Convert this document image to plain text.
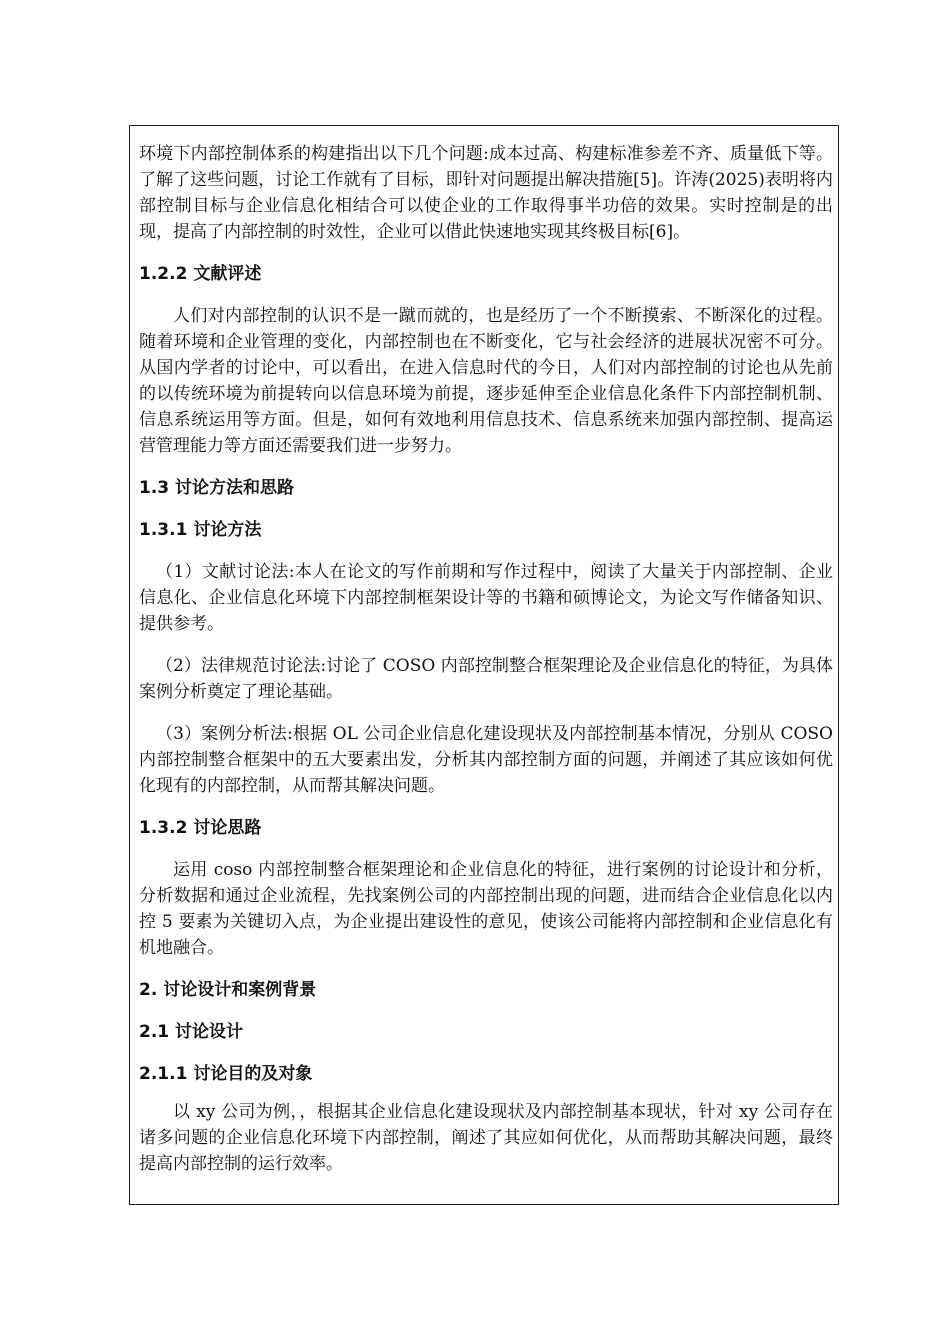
环境下内部控制体系的构建指出以下几个问题:成本过高、构建标准参差不齐、质量低下等。了解了这些问题，讨论工作就有了目标，即针对问题提出解决措施[5]。许涛(2025)表明将内部控制目标与企业信息化相结合可以使企业的工作取得事半功倍的效果。实时控制是的出现，提高了内部控制的时效性，企业可以借此快速地实现其终极目标[6]。

1.2.2 文献评述

人们对内部控制的认识不是一蹴而就的，也是经历了一个不断摸索、不断深化的过程。随着环境和企业管理的变化，内部控制也在不断变化，它与社会经济的进展状况密不可分。从国内学者的讨论中，可以看出，在进入信息时代的今日，人们对内部控制的讨论也从先前的以传统环境为前提转向以信息环境为前提，逐步延伸至企业信息化条件下内部控制机制、信息系统运用等方面。但是，如何有效地利用信息技术、信息系统来加强内部控制、提高运营管理能力等方面还需要我们进一步努力。

1.3 讨论方法和思路
1.3.1 讨论方法

（1）文献讨论法:本人在论文的写作前期和写作过程中，阅读了大量关于内部控制、企业信息化、企业信息化环境下内部控制框架设计等的书籍和硕博论文，为论文写作储备知识、提供参考。

（2）法律规范讨论法:讨论了 COSO 内部控制整合框架理论及企业信息化的特征，为具体案例分析奠定了理论基础。

（3）案例分析法:根据 OL 公司企业信息化建设现状及内部控制基本情况，分别从 COSO 内部控制整合框架中的五大要素出发，分析其内部控制方面的问题，并阐述了其应该如何优化现有的内部控制，从而帮其解决问题。

1.3.2 讨论思路

运用 coso 内部控制整合框架理论和企业信息化的特征，进行案例的讨论设计和分析，分析数据和通过企业流程，先找案例公司的内部控制出现的问题，进而结合企业信息化以内控 5 要素为关键切入点，为企业提出建设性的意见，使该公司能将内部控制和企业信息化有机地融合。

2. 讨论设计和案例背景
2.1 讨论设计
2.1.1 讨论目的及对象

以 xy 公司为例，，根据其企业信息化建设现状及内部控制基本现状，针对 xy 公司存在诸多问题的企业信息化环境下内部控制，阐述了其应如何优化，从而帮助其解决问题，最终提高内部控制的运行效率。
